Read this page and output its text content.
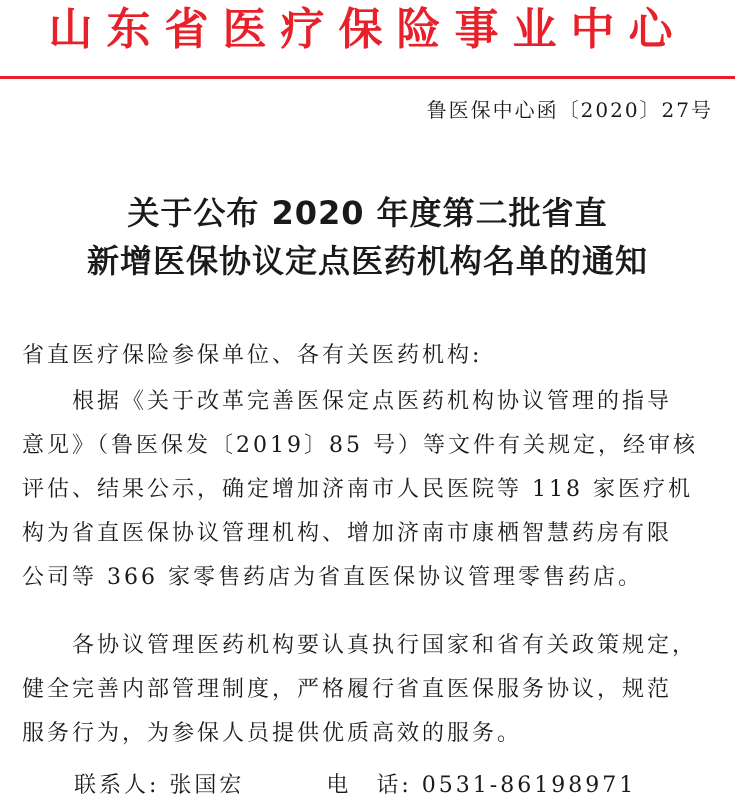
山东省医疗保险事业中心
鲁医保中心函〔2020〕27号
关于公布 2020 年度第二批省直
新增医保协议定点医药机构名单的通知
省直医疗保险参保单位、各有关医药机构:
根据《关于改革完善医保定点医药机构协议管理的指导
意见》（鲁医保发〔2019〕85 号）等文件有关规定，经审核
评估、结果公示，确定增加济南市人民医院等 118 家医疗机
构为省直医保协议管理机构、增加济南市康栖智慧药房有限
公司等 366 家零售药店为省直医保协议管理零售药店。
各协议管理医药机构要认真执行国家和省有关政策规定，
健全完善内部管理制度，严格履行省直医保服务协议，规范
服务行为，为参保人员提供优质高效的服务。
联系人: 张国宏	电　话: 0531-86198971
